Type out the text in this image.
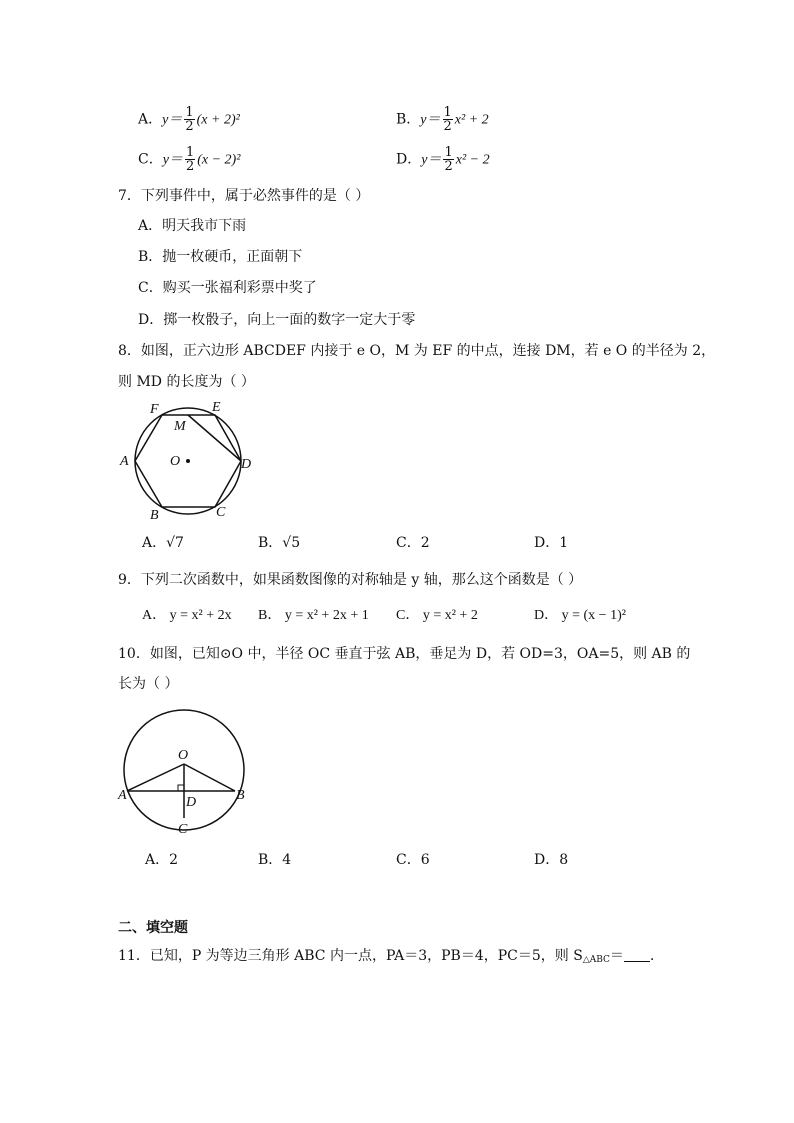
A．$y= \frac{1}{2} (x + 2)^2$	B．$y= \frac{1}{2} x^2 + 2$
C．$y= \frac{1}{2} (x - 2)^2$	D．$y= \frac{1}{2} x^2 - 2$
7．下列事件中，属于必然事件的是（ ）
A．明天我市下雨
B．抛一枚硬币，正面朝下
C．购买一张福利彩票中奖了
D．掷一枚骰子，向上一面的数字一定大于零
8．如图，正六边形 ABCDEF 内接于 e O，M 为 EF 的中点，连接 DM，若 e O 的半径为 2，
则 MD 的长度为（ ）
F	E
M
A	O	D
B	C
A．√7	B．√5	C．2	D．1
9．下列二次函数中，如果函数图像的对称轴是 y 轴，那么这个函数是（ ）
A． y = x² + 2x B． y = x² + 2x + 1 C． y = x² + 2	D． y = (x − 1)²
10．如图，已知⊙O 中，半径 OC 垂直于弦 AB，垂足为 D，若 OD=3，OA=5，则 AB 的
长为（ ）
O
A	B
D
C
A．2	B．4	C．6	D．8
二、填空题
11．已知，P 为等边三角形 ABC 内一点，PA＝3，PB＝4，PC＝5，则 $S_{\triangle ABC}=$ .
